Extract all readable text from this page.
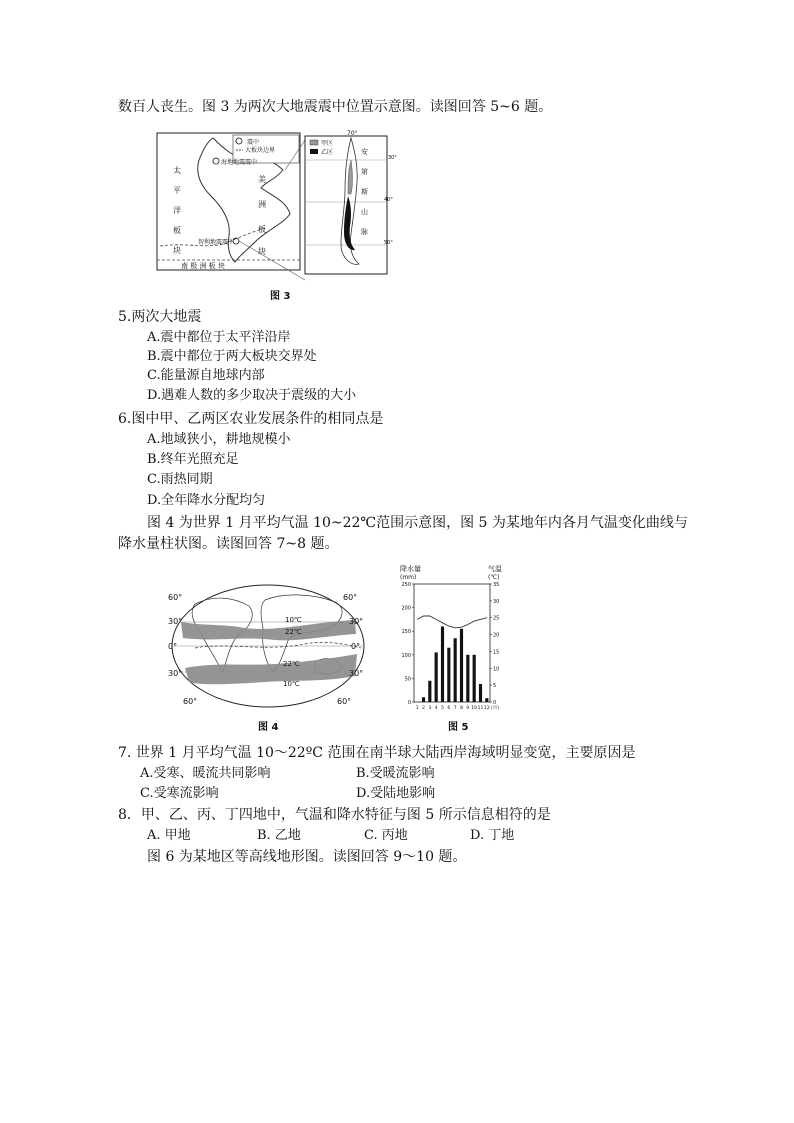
数百人丧生。图 3 为两次大地震震中位置示意图。读图回答 5~6 题。
震中
大板块边界
海地地震震中
智利地震震中
太
平
洋
板
块
美
洲
板
块
南 极 洲 板 块
甲区
乙区
70°
30°
40°
50°
安
第
斯
山
脉
图 3
5.两次大地震
A.震中都位于太平洋沿岸
B.震中都位于两大板块交界处
C.能量源自地球内部
D.遇难人数的多少取决于震级的大小
6.图中甲、乙两区农业发展条件的相同点是
A.地域狭小，耕地规模小
B.终年光照充足
C.雨热同期
D.全年降水分配均匀
图 4 为世界 1 月平均气温 10~22℃范围示意图，图 5 为某地年内各月气温变化曲线与
降水量柱状图。读图回答 7~8 题。
60°
30°
0°
30°
60°
60°
30°
0°
30°
60°
10℃
22℃
22℃
10℃
图 4
降水量
(mm)
气温
(℃)
0
50
100
150
200
250
0
5
10
15
20
25
30
35
1 2 3 4 5 6 7 8 9 10 11 12 (月)
图 5
7. 世界 1 月平均气温 10～22ºC 范围在南半球大陆西岸海域明显变宽，主要原因是
A.受寒、暖流共同影响	B.受暖流影响
C.受寒流影响	D.受陆地影响
8．甲、乙、丙、丁四地中，气温和降水特征与图 5 所示信息相符的是
A. 甲地	B. 乙地	C. 丙地	D. 丁地
图 6 为某地区等高线地形图。读图回答 9～10 题。
